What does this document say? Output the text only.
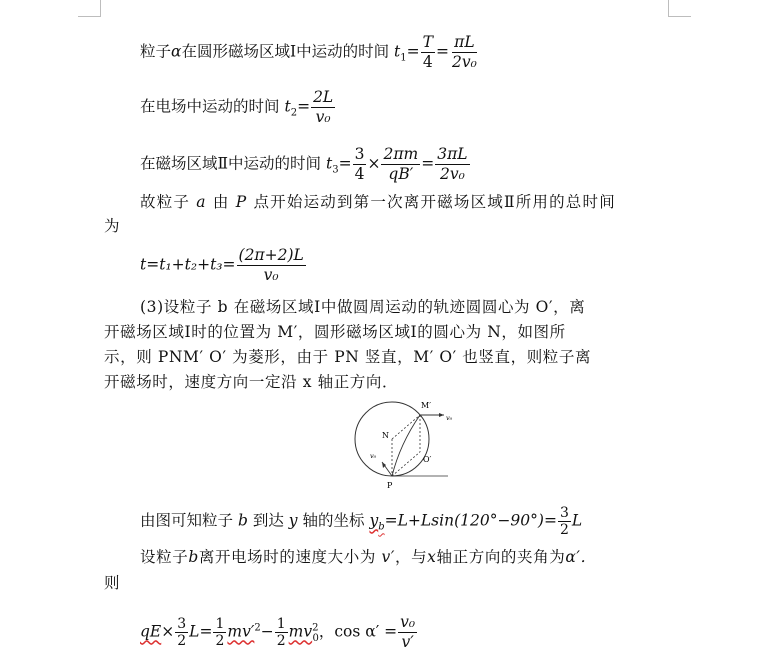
粒子α在圆形磁场区域Ⅰ中运动的时间 $t_1= \frac{T}{4} = \frac{\pi L}{\text{2v₀}}$
在电场中运动的时间 $t_2= \frac{2L}{\text{v₀}}$
在磁场区域Ⅱ中运动的时间 $t_3= \frac{3}{4} \times \frac{2\pi m}{qB'} = \frac{3\pi L}{\text{2v₀}}$
故粒子 a 由 P 点开始运动到第一次离开磁场区域Ⅱ所用的总时间
为
$t=t_1+t_2+t_3= \frac{(2\pi+2)L}{\text{v₀}}$
(3)设粒子 b 在磁场区域Ⅰ中做圆周运动的轨迹圆圆心为 O′，离
开磁场区域Ⅰ时的位置为 M′，圆形磁场区域Ⅰ的圆心为 N，如图所
示，则 PNM′ O′ 为菱形，由于 PN 竖直，M′ O′ 也竖直，则粒子离
开磁场时，速度方向一定沿 x 轴正方向．
M′
v₀
N
O′
v₀
P
由图可知粒子 b 到达 y 轴的坐标 $y_b=L+Lsin(120^\circ-90^\circ)= \frac{3}{2}$ L
设粒子b离开电场时的速度大小为 v′，与x轴正方向的夹角为α′．
则
$qE\times \frac{3}{2} L= \frac{1}{2} mv'^2- \frac{1}{2} mv^2_0$，$\cos \alpha' = \frac{\text{v₀}}{v'}$
